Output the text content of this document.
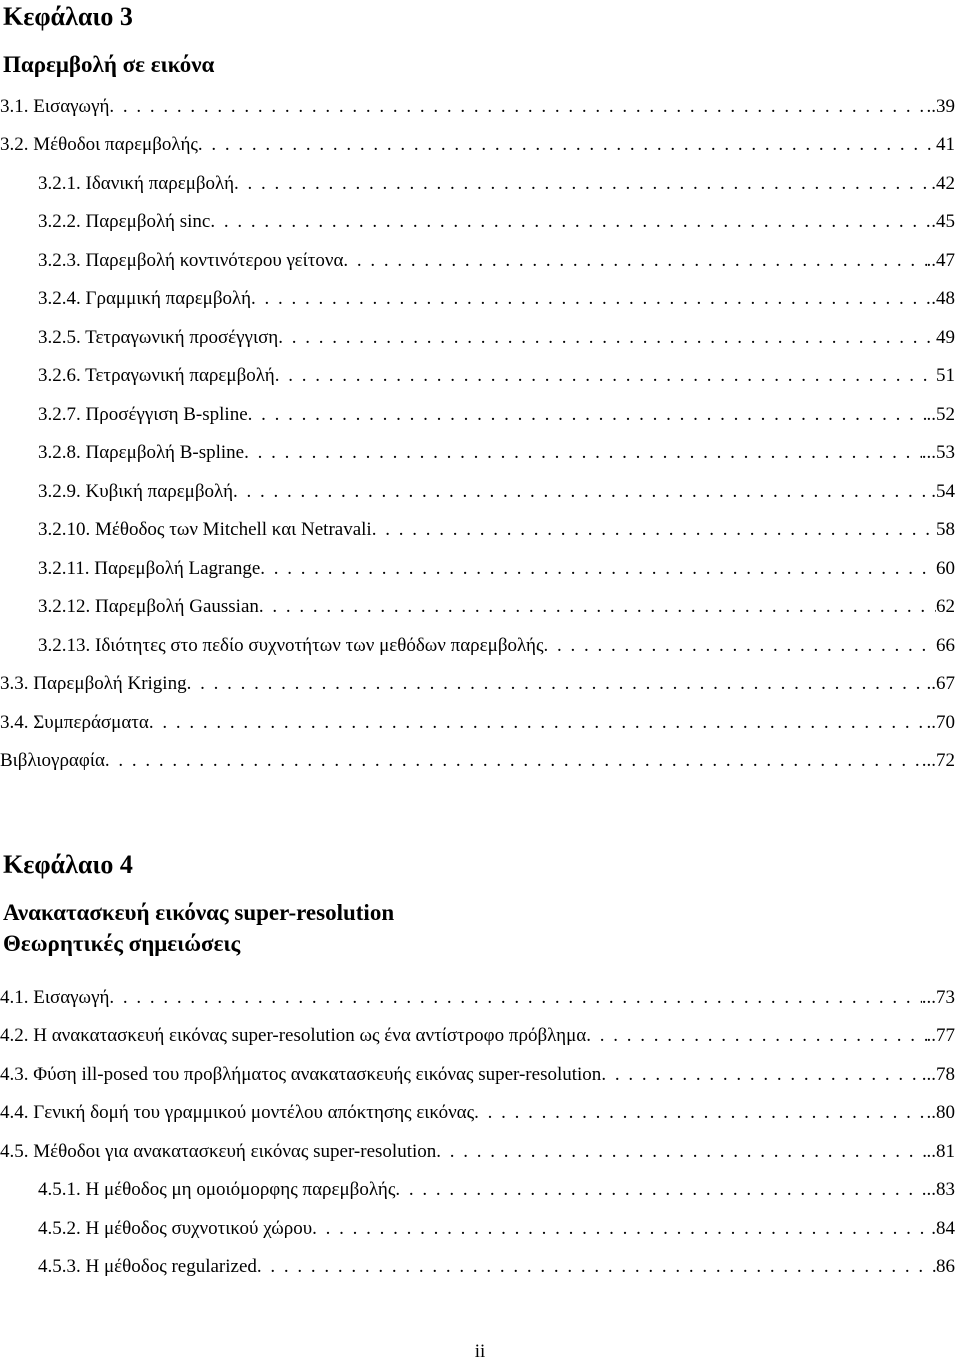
Κεφάλαιο 3
Παρεμβολή σε εικόνα
3.1. Εισαγωγή . . .	..39
3.2. Μέθοδοι παρεμβολής . . .	41
3.2.1. Ιδανική παρεμβολή . . .	.42
3.2.2. Παρεμβολή sinc . . .	.45
3.2.3. Παρεμβολή κοντινότερου γείτονα . . .	..47
3.2.4. Γραμμική παρεμβολή . . .	.48
3.2.5. Τετραγωνική προσέγγιση . . .	49
3.2.6. Τετραγωνική παρεμβολή . . .	51
3.2.7. Προσέγγιση B-spline . . .	..52
3.2.8. Παρεμβολή B-spline . . .	...53
3.2.9. Κυβική παρεμβολή . . .	.54
3.2.10. Μέθοδος των Mitchell και Netravali . . .	58
3.2.11. Παρεμβολή Lagrange . . .	60
3.2.12. Παρεμβολή Gaussian . . .	62
3.2.13. Ιδιότητες στο πεδίο συχνοτήτων των μεθόδων παρεμβολής . . .	66
3.3. Παρεμβολή Kriging . . .	..67
3.4. Συμπεράσματα . . .	..70
Βιβλιογραφία . . .	...72
Κεφάλαιο 4
Ανακατασκευή εικόνας super-resolution
Θεωρητικές σημειώσεις
4.1. Εισαγωγή . . .	...73
4.2. Η ανακατασκευή εικόνας super-resolution ως ένα αντίστροφο πρόβλημα . . .	..77
4.3. Φύση ill-posed του προβλήματος ανακατασκευής εικόνας super-resolution . . .	...78
4.4. Γενική δομή του γραμμικού μοντέλου απόκτησης εικόνας . . .	..80
4.5. Μέθοδοι για ανακατασκευή εικόνας super-resolution . . .	..81
4.5.1. Η μέθοδος μη ομοιόμορφης παρεμβολής . . .	...83
4.5.2. Η μέθοδος συχνοτικού χώρου . . .	.84
4.5.3. Η μέθοδος regularized . . .	86
ii
